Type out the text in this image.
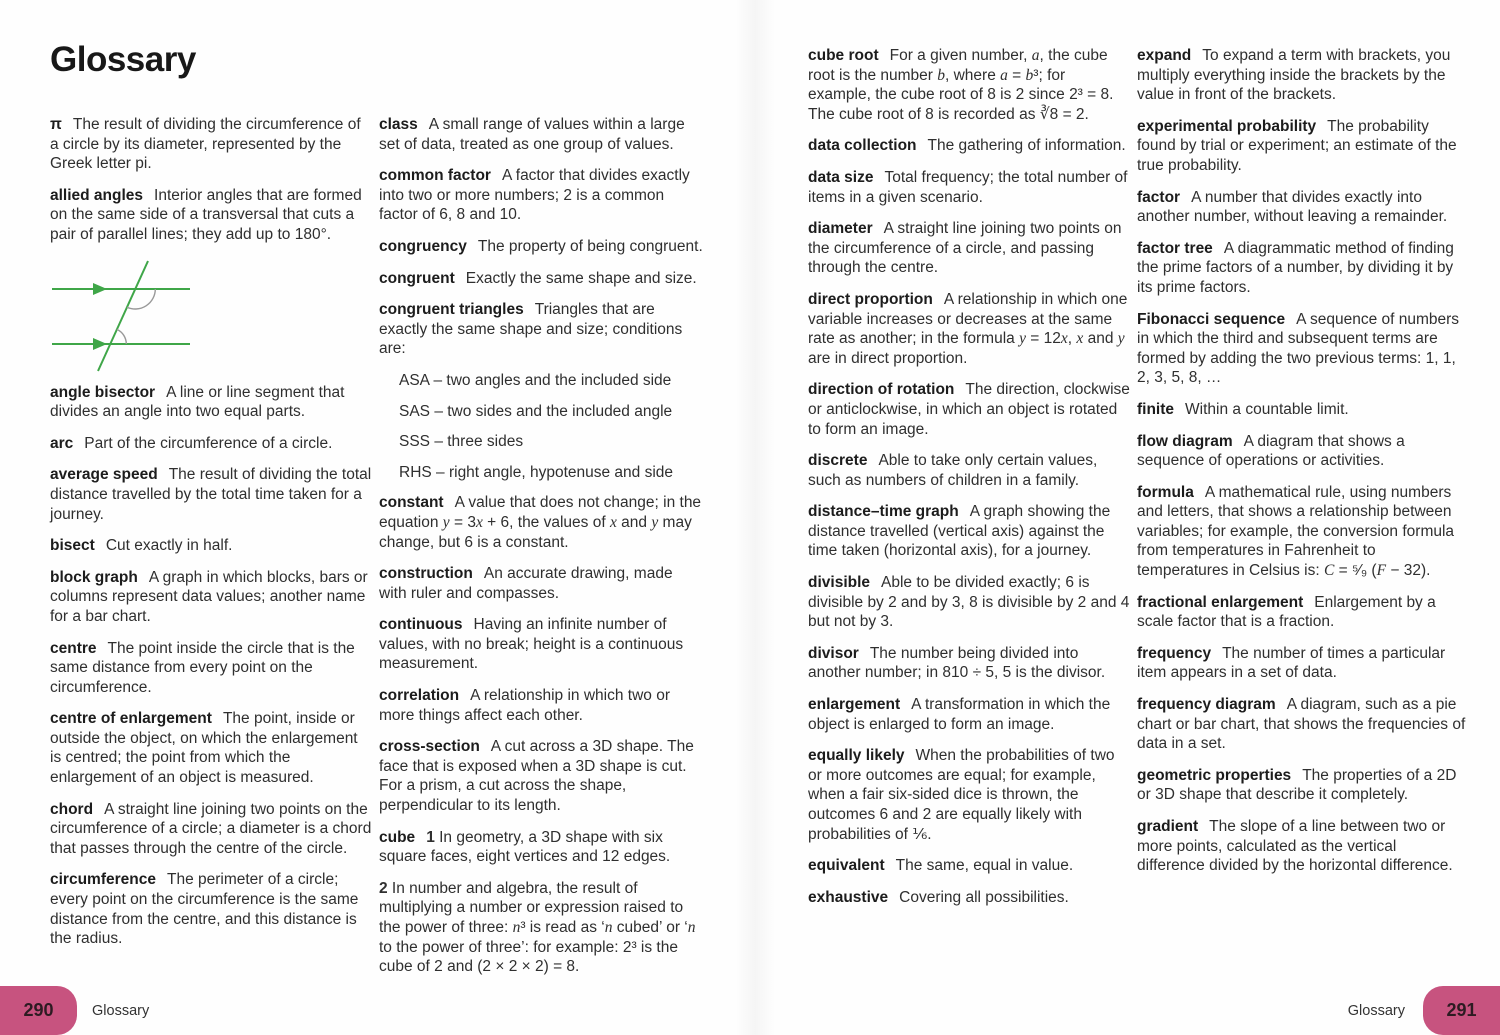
Glossary

π The result of dividing the circumference of a circle by its diameter, represented by the Greek letter pi.

allied angles Interior angles that are formed on the same side of a transversal that cuts a pair of parallel lines; they add up to 180°.

angle bisector A line or line segment that divides an angle into two equal parts.

arc Part of the circumference of a circle.

average speed The result of dividing the total distance travelled by the total time taken for a journey.

bisect Cut exactly in half.

block graph A graph in which blocks, bars or columns represent data values; another name for a bar chart.

centre The point inside the circle that is the same distance from every point on the circumference.

centre of enlargement The point, inside or outside the object, on which the enlargement is centred; the point from which the enlargement of an object is measured.

chord A straight line joining two points on the circumference of a circle; a diameter is a chord that passes through the centre of the circle.

circumference The perimeter of a circle; every point on the circumference is the same distance from the centre, and this distance is the radius.

class A small range of values within a large set of data, treated as one group of values.

common factor A factor that divides exactly into two or more numbers; 2 is a common factor of 6, 8 and 10.

congruency The property of being congruent.

congruent Exactly the same shape and size.

congruent triangles Triangles that are exactly the same shape and size; conditions are:

ASA – two angles and the included side

SAS – two sides and the included angle

SSS – three sides

RHS – right angle, hypotenuse and side

constant A value that does not change; in the equation y = 3x + 6, the values of x and y may change, but 6 is a constant.

construction An accurate drawing, made with ruler and compasses.

continuous Having an infinite number of values, with no break; height is a continuous measurement.

correlation A relationship in which two or more things affect each other.

cross-section A cut across a 3D shape. The face that is exposed when a 3D shape is cut. For a prism, a cut across the shape, perpendicular to its length.

cube 1 In geometry, a 3D shape with six square faces, eight vertices and 12 edges.

2 In number and algebra, the result of multiplying a number or expression raised to the power of three: n³ is read as ‘n cubed’ or ‘n to the power of three’: for example: 2³ is the cube of 2 and (2 × 2 × 2) = 8.

cube root For a given number, a, the cube root is the number b, where a = b³; for example, the cube root of 8 is 2 since 2³ = 8. The cube root of 8 is recorded as ∛8 = 2.

data collection The gathering of information.

data size Total frequency; the total number of items in a given scenario.

diameter A straight line joining two points on the circumference of a circle, and passing through the centre.

direct proportion A relationship in which one variable increases or decreases at the same rate as another; in the formula y = 12x, x and y are in direct proportion.

direction of rotation The direction, clockwise or anticlockwise, in which an object is rotated to form an image.

discrete Able to take only certain values, such as numbers of children in a family.

distance–time graph A graph showing the distance travelled (vertical axis) against the time taken (horizontal axis), for a journey.

divisible Able to be divided exactly; 6 is divisible by 2 and by 3, 8 is divisible by 2 and 4 but not by 3.

divisor The number being divided into another number; in 810 ÷ 5, 5 is the divisor.

enlargement A transformation in which the object is enlarged to form an image.

equally likely When the probabilities of two or more outcomes are equal; for example, when a fair six-sided dice is thrown, the outcomes 6 and 2 are equally likely with probabilities of ⅙.

equivalent The same, equal in value.

exhaustive Covering all possibilities.

expand To expand a term with brackets, you multiply everything inside the brackets by the value in front of the brackets.

experimental probability The probability found by trial or experiment; an estimate of the true probability.

factor A number that divides exactly into another number, without leaving a remainder.

factor tree A diagrammatic method of finding the prime factors of a number, by dividing it by its prime factors.

Fibonacci sequence A sequence of numbers in which the third and subsequent terms are formed by adding the two previous terms: 1, 1, 2, 3, 5, 8, …

finite Within a countable limit.

flow diagram A diagram that shows a sequence of operations or activities.

formula A mathematical rule, using numbers and letters, that shows a relationship between variables; for example, the conversion formula from temperatures in Fahrenheit to temperatures in Celsius is: C = ⁵⁄₉ (F − 32).

fractional enlargement Enlargement by a scale factor that is a fraction.

frequency The number of times a particular item appears in a set of data.

frequency diagram A diagram, such as a pie chart or bar chart, that shows the frequencies of data in a set.

geometric properties The properties of a 2D or 3D shape that describe it completely.

gradient The slope of a line between two or more points, calculated as the vertical difference divided by the horizontal difference.

290	Glossary	Glossary 291
